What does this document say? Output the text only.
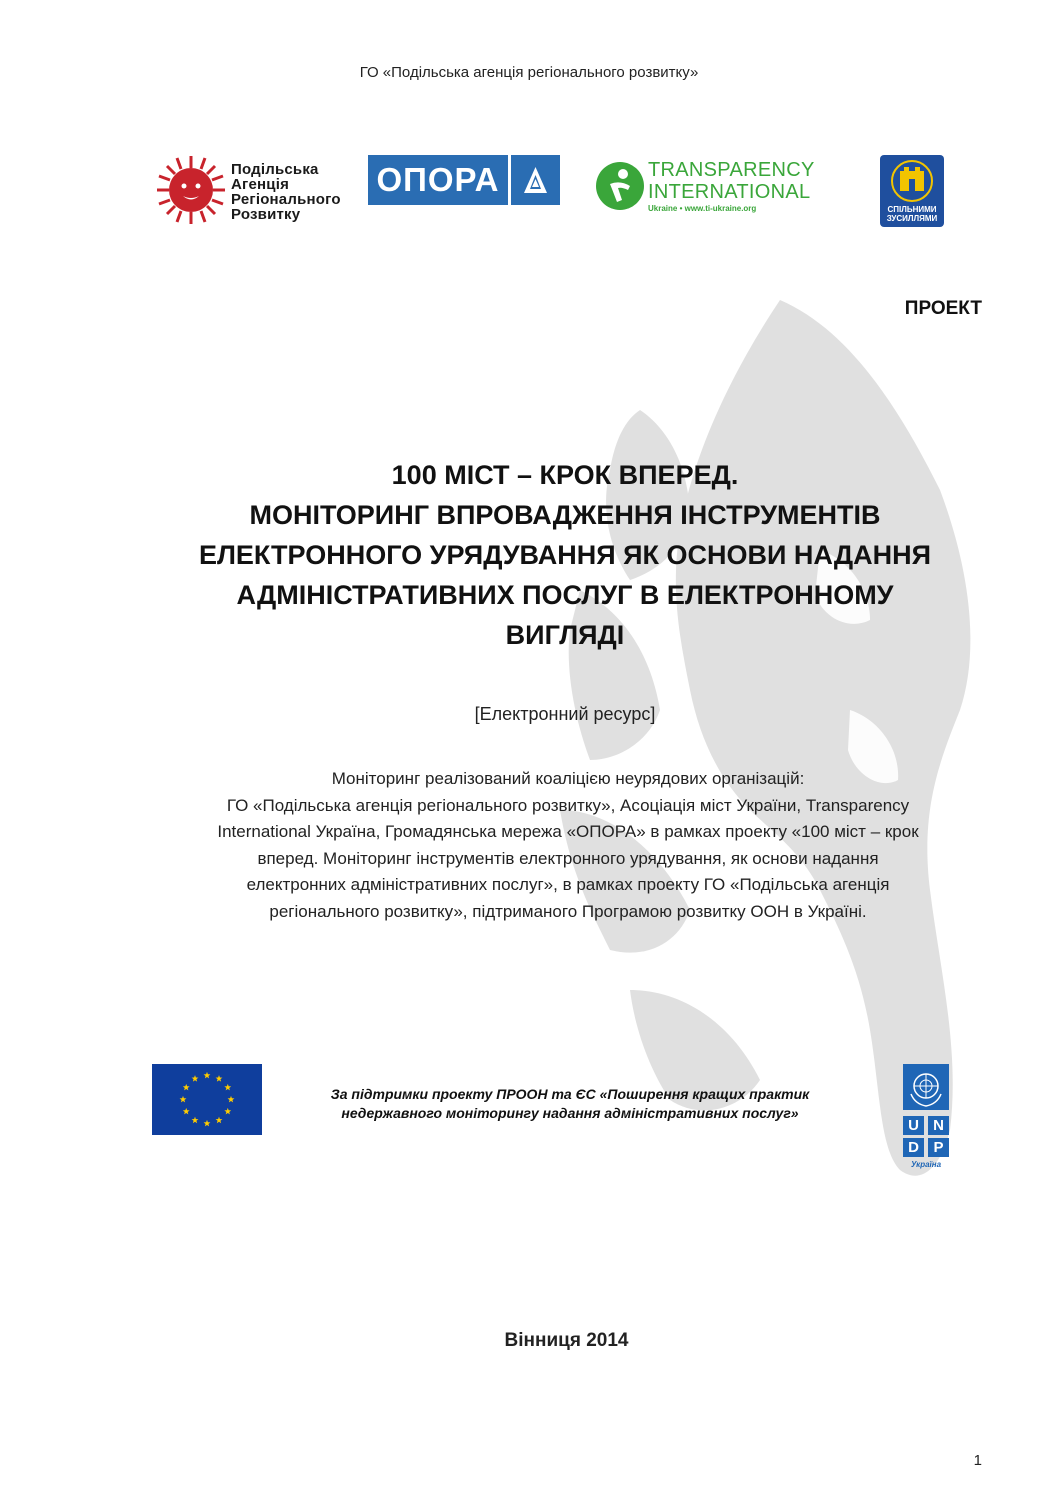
ГО «Подільська агенція регіонального розвитку»
Подільська
Агенція
Регіонального
Розвитку
ОПОРА	TRANSPARENCY
INTERNATIONAL
Ukraine • www.ti-ukraine.org	СПІЛЬНИМИ ЗУСИЛЛЯМИ
ПРОЕКТ
100 МІСТ – КРОК ВПЕРЕД.
МОНІТОРИНГ ВПРОВАДЖЕННЯ ІНСТРУМЕНТІВ
ЕЛЕКТРОННОГО УРЯДУВАННЯ ЯК ОСНОВИ НАДАННЯ
АДМІНІСТРАТИВНИХ ПОСЛУГ В ЕЛЕКТРОННОМУ
ВИГЛЯДІ
[Електронний ресурс]
Моніторинг реалізований коаліцією неурядових організацій:
ГО «Подільська агенція регіонального розвитку», Асоціація міст України, Transparency
International Україна, Громадянська мережа «ОПОРА» в рамках проекту «100 міст – крок
вперед. Моніторинг інструментів електронного урядування, як основи надання
електронних адміністративних послуг», в рамках проекту ГО «Подільська агенція
регіонального розвитку», підтриманого Програмою розвитку ООН в Україні.
За підтримки проекту ПРООН та ЄС «Поширення кращих практик
недержавного моніторингу надання адміністративних послуг»
U N
D P
Україна
Вінниця 2014
1
